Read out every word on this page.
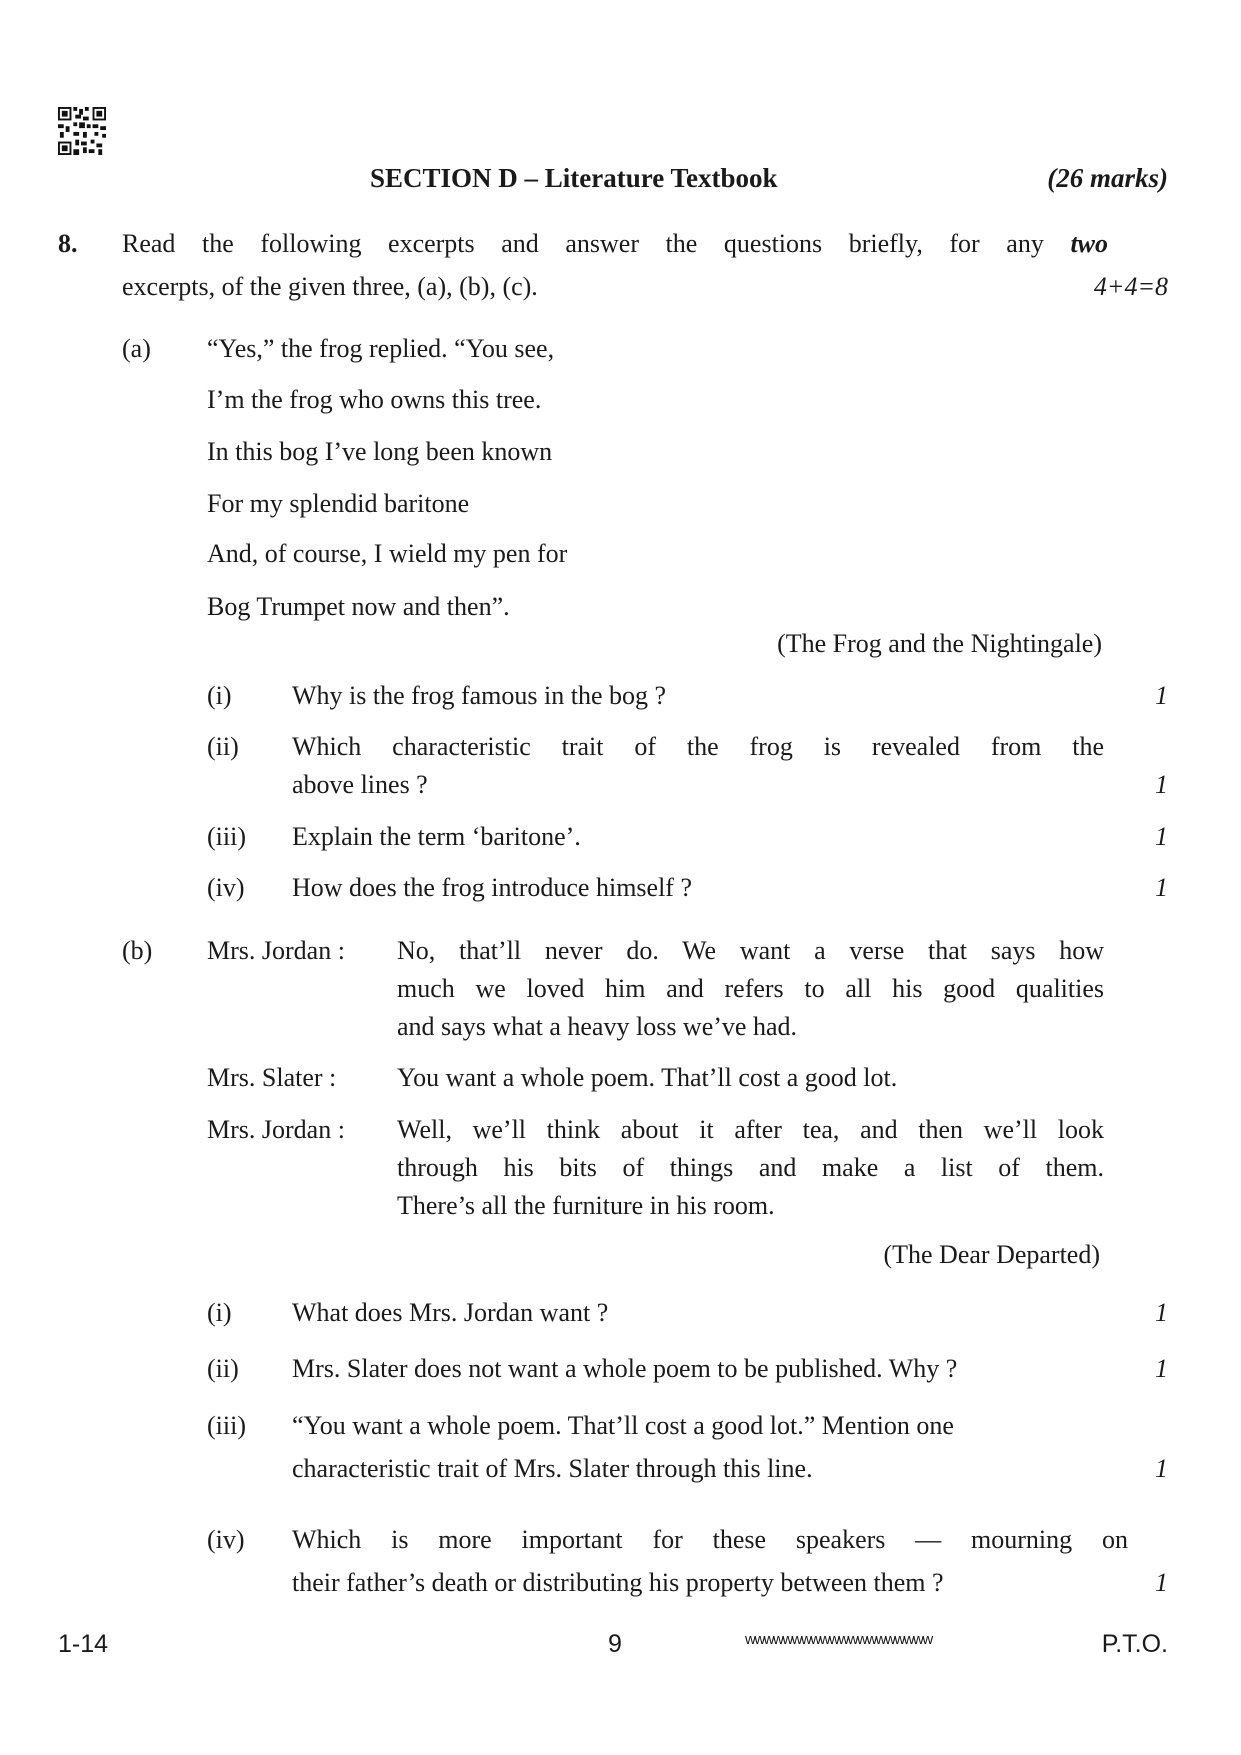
SECTION D – Literature Textbook	(26 marks)
8. Read the following excerpts and answer the questions briefly, for any two
excerpts, of the given three, (a), (b), (c).	4+4=8
(a) “Yes,” the frog replied. “You see,
I’m the frog who owns this tree.
In this bog I’ve long been known
For my splendid baritone
And, of course, I wield my pen for
Bog Trumpet now and then”.
(The Frog and the Nightingale)
(i) Why is the frog famous in the bog ?	1
(ii) Which characteristic trait of the frog is revealed from the
above lines ?	1
(iii) Explain the term ‘baritone’.	1
(iv) How does the frog introduce himself ?	1
(b) Mrs. Jordan : No, that’ll never do. We want a verse that says how
much we loved him and refers to all his good qualities
and says what a heavy loss we’ve had.
Mrs. Slater : You want a whole poem. That’ll cost a good lot.
Mrs. Jordan : Well, we’ll think about it after tea, and then we’ll look
through his bits of things and make a list of them.
There’s all the furniture in his room.
(The Dear Departed)
(i) What does Mrs. Jordan want ?	1
(ii) Mrs. Slater does not want a whole poem to be published. Why ?	1
(iii) “You want a whole poem. That’ll cost a good lot.” Mention one
characteristic trait of Mrs. Slater through this line.	1
(iv) Which is more important for these speakers — mourning on
their father’s death or distributing his property between them ?	1
1-14	9	wwwwwwwwwwwwwwwwwwww	P.T.O.
